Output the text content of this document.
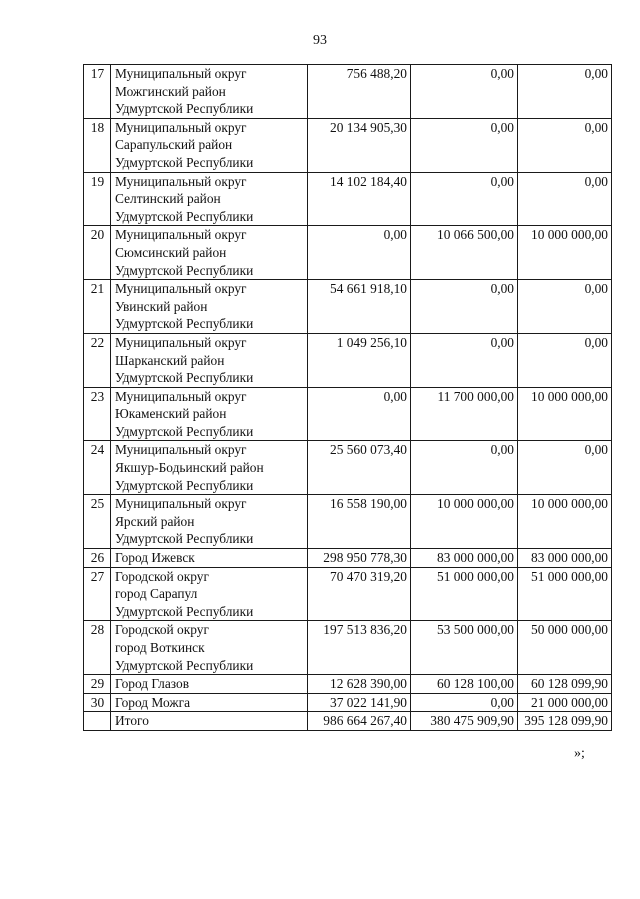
93
17	Муниципальный округ
Можгинский район
Удмуртской Республики	756 488,20	0,00	0,00
18	Муниципальный округ
Сарапульский район
Удмуртской Республики	20 134 905,30	0,00	0,00
19	Муниципальный округ
Селтинский район
Удмуртской Республики	14 102 184,40	0,00	0,00
20	Муниципальный округ
Сюмсинский район
Удмуртской Республики	0,00	10 066 500,00	10 000 000,00
21	Муниципальный округ
Увинский район
Удмуртской Республики	54 661 918,10	0,00	0,00
22	Муниципальный округ
Шарканский район
Удмуртской Республики	1 049 256,10	0,00	0,00
23	Муниципальный округ
Юкаменский район
Удмуртской Республики	0,00	11 700 000,00	10 000 000,00
24	Муниципальный округ
Якшур-Бодьинский район
Удмуртской Республики	25 560 073,40	0,00	0,00
25	Муниципальный округ
Ярский район
Удмуртской Республики	16 558 190,00	10 000 000,00	10 000 000,00
26	Город Ижевск	298 950 778,30	83 000 000,00	83 000 000,00
27	Городской округ
город Сарапул
Удмуртской Республики	70 470 319,20	51 000 000,00	51 000 000,00
28	Городской округ
город Воткинск
Удмуртской Республики	197 513 836,20	53 500 000,00	50 000 000,00
29	Город Глазов	12 628 390,00	60 128 100,00	60 128 099,90
30	Город Можга	37 022 141,90	0,00	21 000 000,00

	Итого	986 664 267,40	380 475 909,90	395 128 099,90
»;
